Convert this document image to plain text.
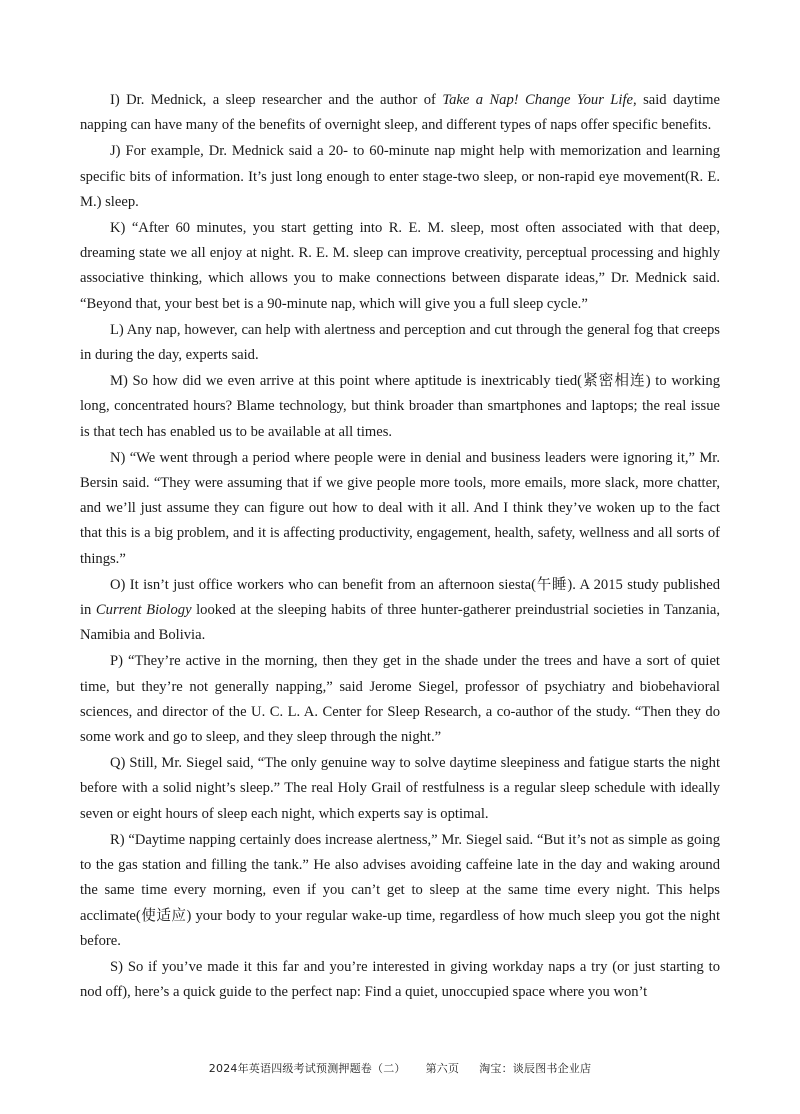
I) Dr. Mednick, a sleep researcher and the author of Take a Nap! Change Your Life, said daytime napping can have many of the benefits of overnight sleep, and different types of naps offer specific benefits.

J) For example, Dr. Mednick said a 20- to 60-minute nap might help with memorization and learning specific bits of information. It’s just long enough to enter stage-two sleep, or non-rapid eye movement(R. E. M.) sleep.

K) “After 60 minutes, you start getting into R. E. M. sleep, most often associated with that deep, dreaming state we all enjoy at night. R. E. M. sleep can improve creativity, perceptual processing and highly associative thinking, which allows you to make connections between disparate ideas,” Dr. Mednick said. “Beyond that, your best bet is a 90-minute nap, which will give you a full sleep cycle.”

L) Any nap, however, can help with alertness and perception and cut through the general fog that creeps in during the day, experts said.

M) So how did we even arrive at this point where aptitude is inextricably tied(紧密相连) to working long, concentrated hours? Blame technology, but think broader than smartphones and laptops; the real issue is that tech has enabled us to be available at all times.

N) “We went through a period where people were in denial and business leaders were ignoring it,” Mr. Bersin said. “They were assuming that if we give people more tools, more emails, more slack, more chatter, and we’ll just assume they can figure out how to deal with it all. And I think they’ve woken up to the fact that this is a big problem, and it is affecting productivity, engagement, health, safety, wellness and all sorts of things.”

O) It isn’t just office workers who can benefit from an afternoon siesta(午睡). A 2015 study published in Current Biology looked at the sleeping habits of three hunter-gatherer preindustrial societies in Tanzania, Namibia and Bolivia.

P) “They’re active in the morning, then they get in the shade under the trees and have a sort of quiet time, but they’re not generally napping,” said Jerome Siegel, professor of psychiatry and biobehavioral sciences, and director of the U. C. L. A. Center for Sleep Research, a co-author of the study. “Then they do some work and go to sleep, and they sleep through the night.”

Q) Still, Mr. Siegel said, “The only genuine way to solve daytime sleepiness and fatigue starts the night before with a solid night’s sleep.” The real Holy Grail of restfulness is a regular sleep schedule with ideally seven or eight hours of sleep each night, which experts say is optimal.

R) “Daytime napping certainly does increase alertness,” Mr. Siegel said. “But it’s not as simple as going to the gas station and filling the tank.” He also advises avoiding caffeine late in the day and waking around the same time every morning, even if you can’t get to sleep at the same time every night. This helps acclimate(使适应) your body to your regular wake-up time, regardless of how much sleep you got the night before.

S) So if you’ve made it this far and you’re interested in giving workday naps a try (or just starting to nod off), here’s a quick guide to the perfect nap: Find a quiet, unoccupied space where you won’t

2024年英语四级考试预测押题卷（二） 第六页 淘宝：谈辰图书企业店
